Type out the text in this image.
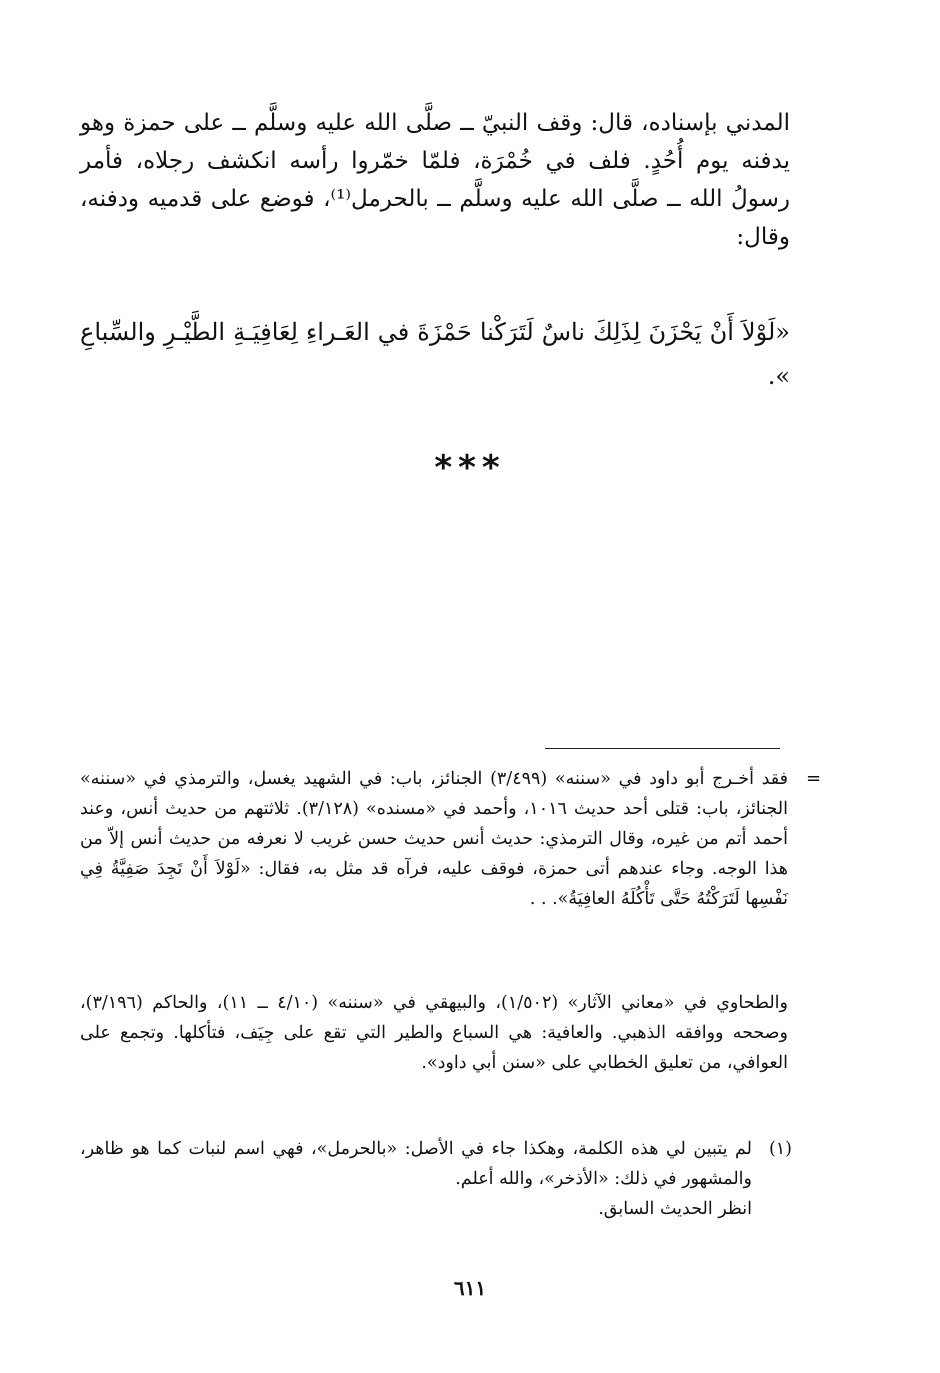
المدني بإسناده، قال: وقف النبيّ ــ صلَّى الله عليه وسلَّم ــ على حمزة وهو يدفنه يوم أُحُدٍ. فلف في خُمْرَة، فلمّا خمّروا رأسه انكشف رجلاه، فأمر رسولُ الله ــ صلَّى الله عليه وسلَّم ــ بالحرمل⁽¹⁾، فوضع على قدميه ودفنه، وقال:

«لَوْلاَ أَنْ يَحْزَنَ لِذَلِكَ ناسٌ لَتَرَكْنا حَمْزَةَ في العَـراءِ لِعَافِيَـةِ الطَّيْـرِ والسِّباعِ ».
***
=

فقد أخـرج أبو داود في «سننه» (٣/٤٩٩) الجنائز، باب: في الشهيد يغسل، والترمذي في «سننه» الجنائز، باب: قتلى أحد حديث ١٠١٦، وأحمد في «مسنده» (٣/١٢٨). ثلاثتهم من حديث أنس، وعند أحمد أتم من غيره، وقال الترمذي: حديث أنس حديث حسن غريب لا نعرفه من حديث أنس إلاّ من هذا الوجه. وجاء عندهم أتى حمزة، فوقف عليه، فرآه قد مثل به، فقال: «لَوْلاَ أَنْ تَجِدَ صَفِيَّةُ فِي نَفْسِها لَتَرَكْتُهُ حَتَّى تَأْكُلَهُ العافِيَةُ». . .

والطحاوي في «معاني الآثار» (١/٥٠٢)، والبيهقي في «سننه» (٤/١٠ ــ ١١)، والحاكم (٣/١٩٦)، وصححه ووافقه الذهبي. والعافية: هي السباع والطير التي تقع على جِيَف، فتأكلها. وتجمع على العوافي، من تعليق الخطابي على «سنن أبي داود».

(١)

لم يتبين لي هذه الكلمة، وهكذا جاء في الأصل: «بالحرمل»، فهي اسم لنبات كما هو ظاهر، والمشهور في ذلك: «الأذخر»، والله أعلم.

انظر الحديث السابق.

٦١١
